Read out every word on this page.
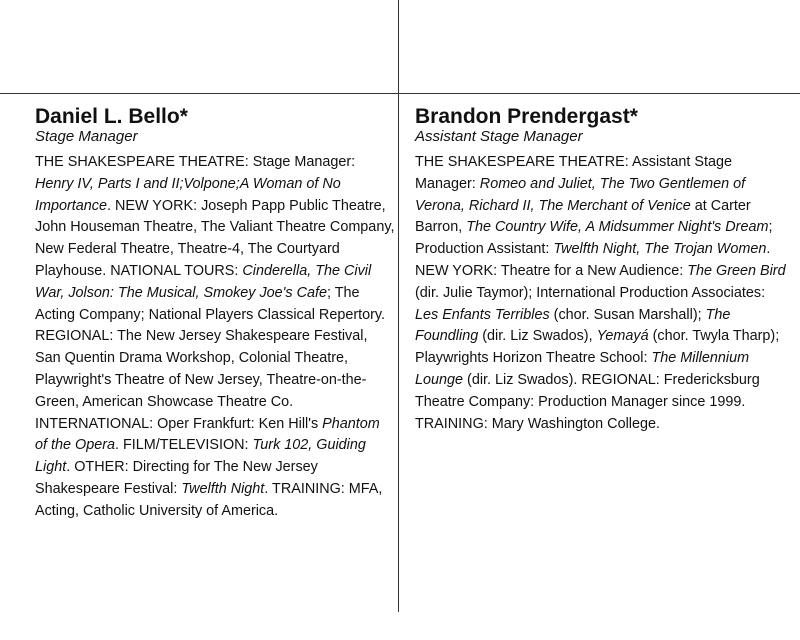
Daniel L. Bello*
Stage Manager

THE SHAKESPEARE THEATRE: Stage Manager: Henry IV, Parts I and II;Volpone;A Woman of No Importance. NEW YORK: Joseph Papp Public Theatre, John Houseman Theatre, The Valiant Theatre Company, New Federal Theatre, Theatre-4, The Courtyard Playhouse. NATIONAL TOURS: Cinderella, The Civil War, Jolson: The Musical, Smokey Joe's Cafe; The Acting Company; National Players Classical Repertory. REGIONAL: The New Jersey Shakespeare Festival, San Quentin Drama Workshop, Colonial Theatre, Playwright's Theatre of New Jersey, Theatre-on-the-Green, American Showcase Theatre Co. INTERNATIONAL: Oper Frankfurt: Ken Hill's Phantom of the Opera. FILM/TELEVISION: Turk 102, Guiding Light. OTHER: Directing for The New Jersey Shakespeare Festival: Twelfth Night. TRAINING: MFA, Acting, Catholic University of America.

Brandon Prendergast*
Assistant Stage Manager

THE SHAKESPEARE THEATRE: Assistant Stage Manager: Romeo and Juliet, The Two Gentlemen of Verona, Richard II, The Merchant of Venice at Carter Barron, The Country Wife, A Midsummer Night's Dream; Production Assistant: Twelfth Night, The Trojan Women. NEW YORK: Theatre for a New Audience: The Green Bird (dir. Julie Taymor); International Production Associates: Les Enfants Terribles (chor. Susan Marshall); The Foundling (dir. Liz Swados), Yemayá (chor. Twyla Tharp); Playwrights Horizon Theatre School: The Millennium Lounge (dir. Liz Swados). REGIONAL: Fredericksburg Theatre Company: Production Manager since 1999. TRAINING: Mary Washington College.
